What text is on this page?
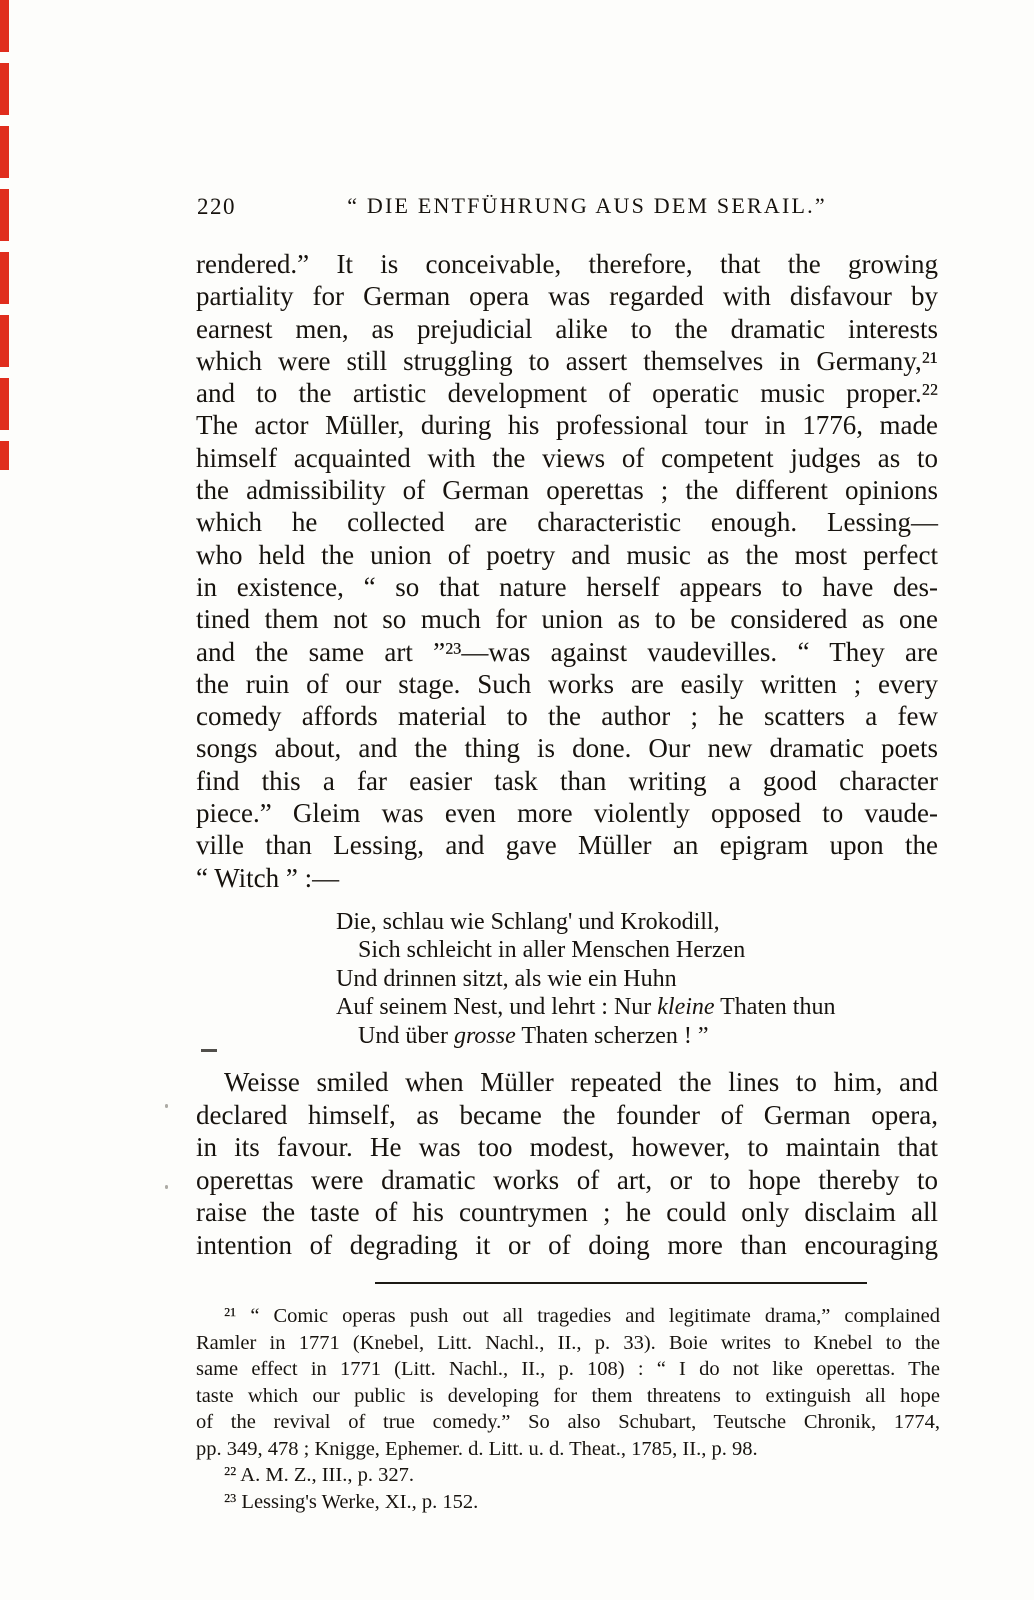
220	“ DIE ENTFÜHRUNG AUS DEM SERAIL.”
rendered.” It is conceivable, therefore, that the growing
partiality for German opera was regarded with disfavour by
earnest men, as prejudicial alike to the dramatic interests
which were still struggling to assert themselves in Germany,²¹
and to the artistic development of operatic music proper.²²
The actor Müller, during his professional tour in 1776, made
himself acquainted with the views of competent judges as to
the admissibility of German operettas ; the different opinions
which he collected are characteristic enough. Lessing—
who held the union of poetry and music as the most perfect
in existence, “ so that nature herself appears to have des-
tined them not so much for union as to be considered as one
and the same art ”²³—was against vaudevilles. “ They are
the ruin of our stage. Such works are easily written ; every
comedy affords material to the author ; he scatters a few
songs about, and the thing is done. Our new dramatic poets
find this a far easier task than writing a good character
piece.” Gleim was even more violently opposed to vaude-
ville than Lessing, and gave Müller an epigram upon the
“ Witch ” :—
Die, schlau wie Schlang' und Krokodill,
Sich schleicht in aller Menschen Herzen
Und drinnen sitzt, als wie ein Huhn
Auf seinem Nest, und lehrt : Nur kleine Thaten thun
Und über grosse Thaten scherzen ! ”
Weisse smiled when Müller repeated the lines to him, and
declared himself, as became the founder of German opera,
in its favour. He was too modest, however, to maintain that
operettas were dramatic works of art, or to hope thereby to
raise the taste of his countrymen ; he could only disclaim all
intention of degrading it or of doing more than encouraging
²¹ “ Comic operas push out all tragedies and legitimate drama,” complained
Ramler in 1771 (Knebel, Litt. Nachl., II., p. 33). Boie writes to Knebel to the
same effect in 1771 (Litt. Nachl., II., p. 108) : “ I do not like operettas. The
taste which our public is developing for them threatens to extinguish all hope
of the revival of true comedy.” So also Schubart, Teutsche Chronik, 1774,
pp. 349, 478 ; Knigge, Ephemer. d. Litt. u. d. Theat., 1785, II., p. 98.
²² A. M. Z., III., p. 327.
²³ Lessing's Werke, XI., p. 152.
